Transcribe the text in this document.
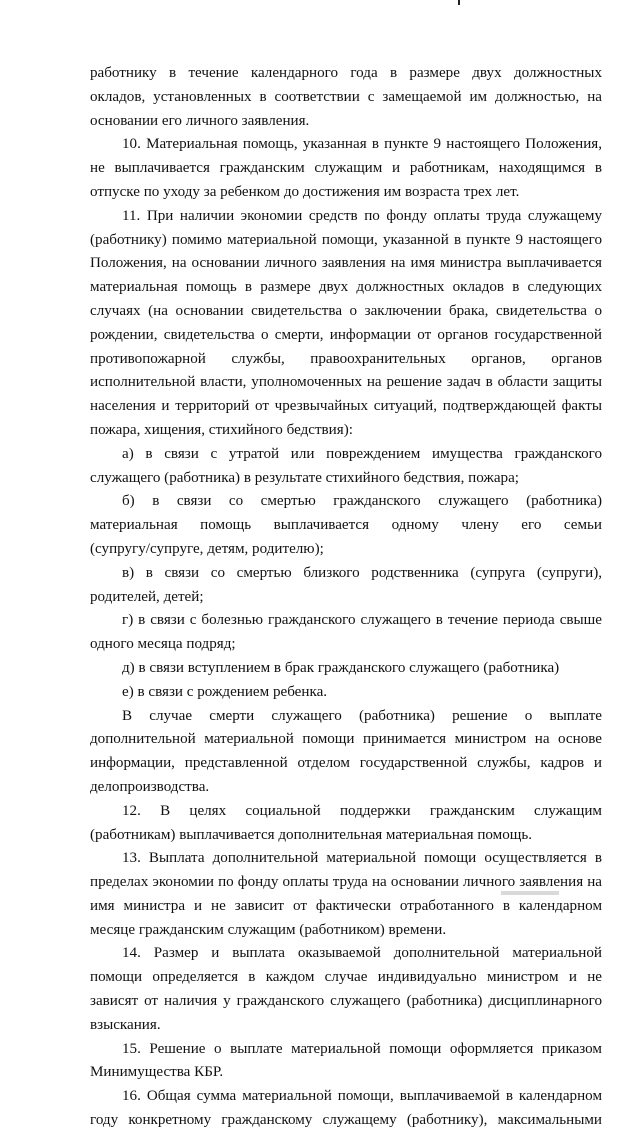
работнику в течение календарного года в размере двух должностных
окладов, установленных в соответствии с замещаемой им должностью, на
основании его личного заявления.
10. Материальная помощь, указанная в пункте 9 настоящего Положения,
не выплачивается гражданским служащим и работникам, находящимся в
отпуске по уходу за ребенком до достижения им возраста трех лет.
11. При наличии экономии средств по фонду оплаты труда служащему
(работнику) помимо материальной помощи, указанной в пункте 9 настоящего
Положения, на основании личного заявления на имя министра выплачивается
материальная помощь в размере двух должностных окладов в следующих
случаях (на основании свидетельства о заключении брака, свидетельства о
рождении, свидетельства о смерти, информации от органов государственной
противопожарной службы, правоохранительных органов, органов
исполнительной власти, уполномоченных на решение задач в области защиты
населения и территорий от чрезвычайных ситуаций, подтверждающей факты
пожара, хищения, стихийного бедствия):
а) в связи с утратой или повреждением имущества гражданского
служащего (работника) в результате стихийного бедствия, пожара;
б) в связи со смертью гражданского служащего (работника)
материальная помощь выплачивается одному члену его семьи
(супругу/супруге, детям, родителю);
в) в связи со смертью близкого родственника (супруга (супруги),
родителей, детей;
г) в связи с болезнью гражданского служащего в течение периода свыше
одного месяца подряд;
д) в связи вступлением в брак гражданского служащего (работника)
е) в связи с рождением ребенка.
В случае смерти служащего (работника) решение о выплате
дополнительной материальной помощи принимается министром на основе
информации, представленной отделом государственной службы, кадров и
делопроизводства.
12. В целях социальной поддержки гражданским служащим
(работникам) выплачивается дополнительная материальная помощь.
13. Выплата дополнительной материальной помощи осуществляется в
пределах экономии по фонду оплаты труда на основании личного заявления на
имя министра и не зависит от фактически отработанного в календарном
месяце гражданским служащим (работником) времени.
14. Размер и выплата оказываемой дополнительной материальной
помощи определяется в каждом случае индивидуально министром и не
зависят от наличия у гражданского служащего (работника) дисциплинарного
взыскания.
15. Решение о выплате материальной помощи оформляется приказом
Минимущества КБР.
16. Общая сумма материальной помощи, выплачиваемой в календарном
году конкретному гражданскому служащему (работнику), максимальными
